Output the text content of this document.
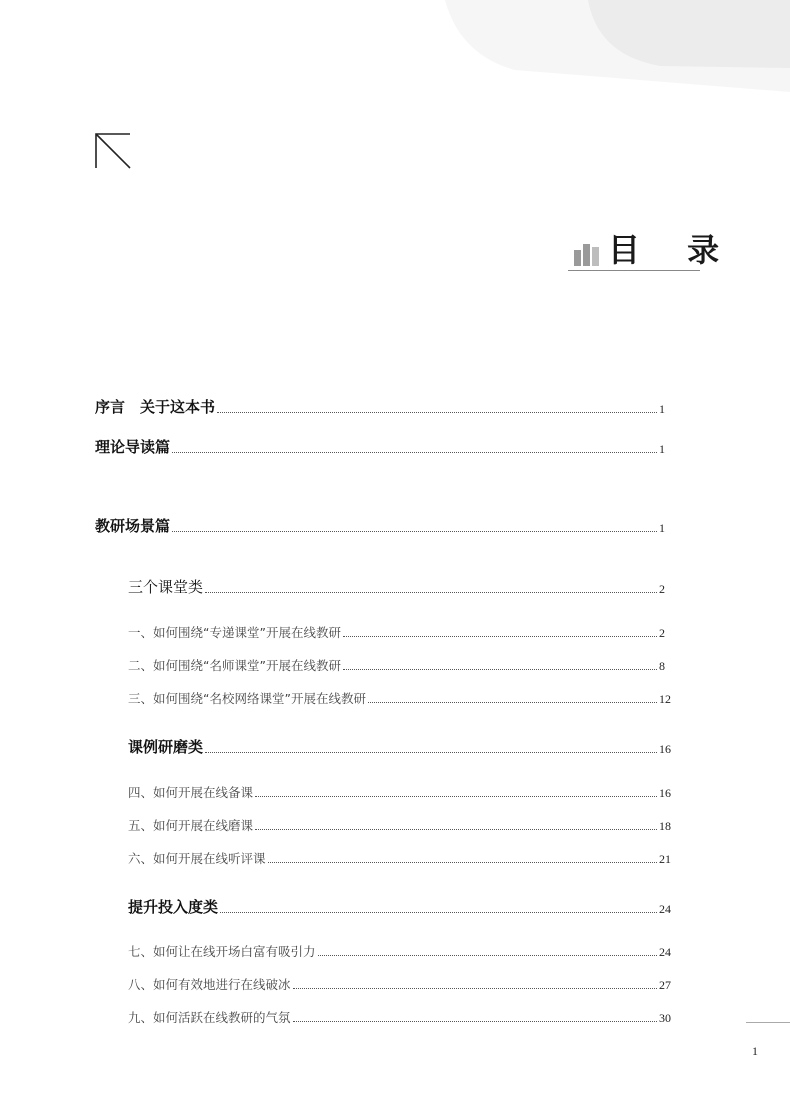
目 录
序言　关于这本书	1
理论导读篇	1
教研场景篇	1
三个课堂类	2
一、如何围绕“专递课堂”开展在线教研	2
二、如何围绕“名师课堂”开展在线教研	8
三、如何围绕“名校网络课堂”开展在线教研	12
课例研磨类	16
四、如何开展在线备课	16
五、如何开展在线磨课	18
六、如何开展在线听评课	21
提升投入度类	24
七、如何让在线开场白富有吸引力	24
八、如何有效地进行在线破冰	27
九、如何活跃在线教研的气氛	30
1
